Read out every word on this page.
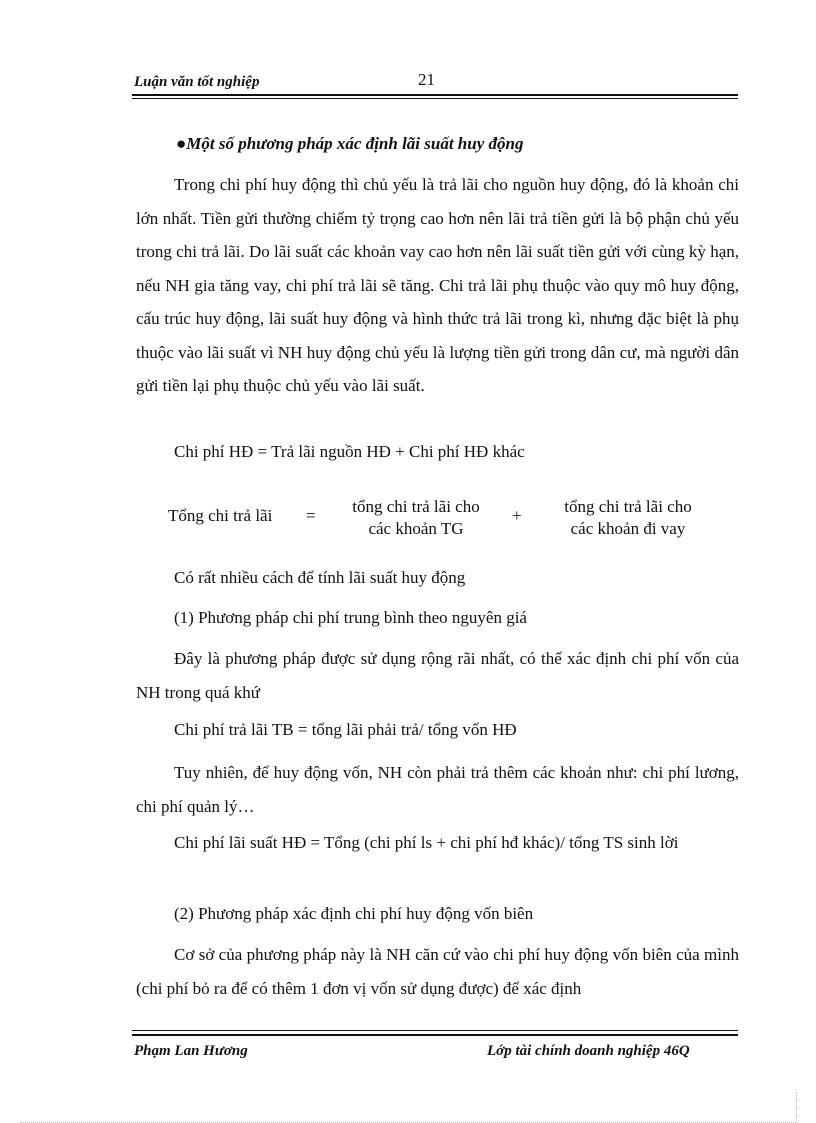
Luận văn tốt nghiệp	21
●Một số phương pháp xác định lãi suất huy động
Trong chi phí huy động thì chủ yếu là trả lãi cho nguồn huy động, đó là khoản chi lớn nhất. Tiền gửi thường chiếm tỷ trọng cao hơn nên lãi trả tiền gửi là bộ phận chủ yếu trong chi trả lãi. Do lãi suất các khoản vay cao hơn nên lãi suất tiền gửi với cùng kỳ hạn, nếu NH gia tăng vay, chi phí trả lãi sẽ tăng. Chi trả lãi phụ thuộc vào quy mô huy động, cấu trúc huy động, lãi suất huy động và hình thức trả lãi trong kì, nhưng đặc biệt là phụ thuộc vào lãi suất vì NH huy động chủ yếu là lượng tiền gửi trong dân cư, mà người dân gửi tiền lại phụ thuộc chủ yếu vào lãi suất.
Chi phí HĐ = Trả lãi nguồn HĐ + Chi phí HĐ khác
Tổng chi trả lãi =	tổng chi trả lãi cho
các khoản TG
+	tổng chi trả lãi cho
các khoản đi vay
Có rất nhiều cách để tính lãi suất huy động
(1) Phương pháp chi phí trung bình theo nguyên giá
Đây là phương pháp được sử dụng rộng rãi nhất, có thể xác định chi phí vốn của NH trong quá khứ
Chi phí trả lãi TB = tổng lãi phải trả/ tổng vốn HĐ
Tuy nhiên, để huy động vốn, NH còn phải trả thêm các khoản như: chi phí lương, chi phí quản lý…
Chi phí lãi suất HĐ = Tổng (chi phí ls + chi phí hđ khác)/ tổng TS sinh lời
(2) Phương pháp xác định chi phí huy động vốn biên
Cơ sở của phương pháp này là NH căn cứ vào chi phí huy động vốn biên của mình (chi phí bỏ ra để có thêm 1 đơn vị vốn sử dụng được) để xác định
Phạm Lan Hương	Lớp tài chính doanh nghiệp 46Q
